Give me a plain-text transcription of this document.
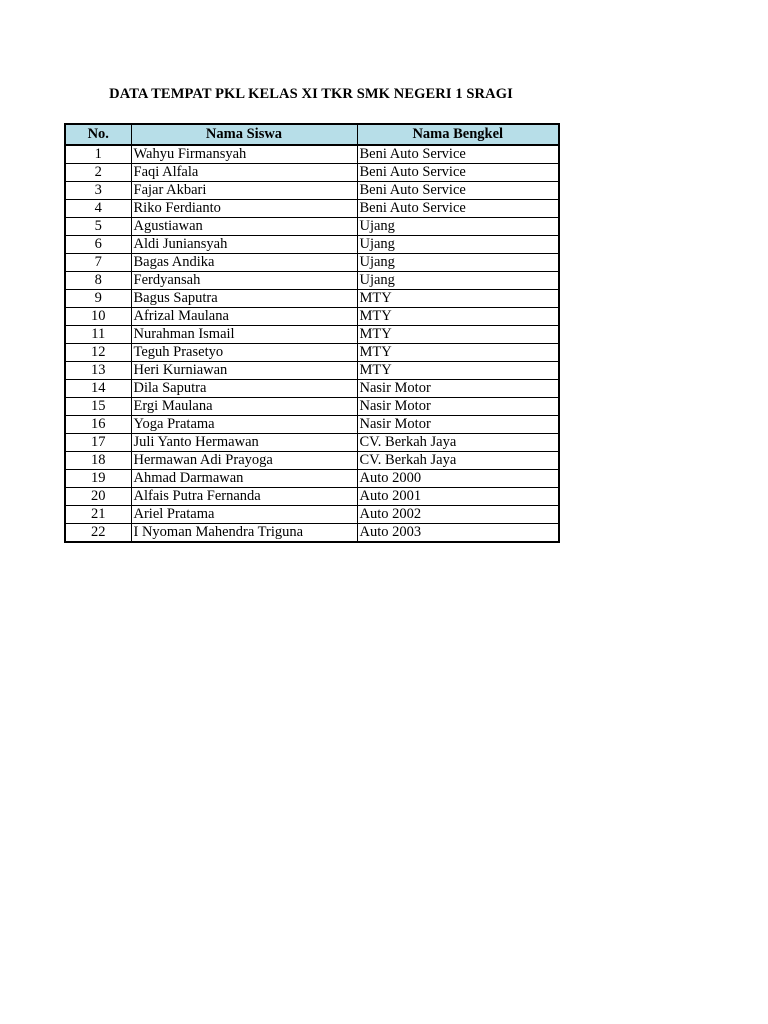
DATA TEMPAT PKL KELAS XI TKR SMK NEGERI 1 SRAGI
No.	Nama Siswa	Nama Bengkel
1	Wahyu Firmansyah	Beni Auto Service
2	Faqi Alfala	Beni Auto Service
3	Fajar Akbari	Beni Auto Service
4	Riko Ferdianto	Beni Auto Service
5	Agustiawan	Ujang
6	Aldi Juniansyah	Ujang
7	Bagas Andika	Ujang
8	Ferdyansah	Ujang
9	Bagus Saputra	MTY
10	Afrizal Maulana	MTY
11	Nurahman Ismail	MTY
12	Teguh Prasetyo	MTY
13	Heri Kurniawan	MTY
14	Dila Saputra	Nasir Motor
15	Ergi Maulana	Nasir Motor
16	Yoga Pratama	Nasir Motor
17	Juli Yanto Hermawan	CV. Berkah Jaya
18	Hermawan Adi Prayoga	CV. Berkah Jaya
19	Ahmad Darmawan	Auto 2000
20	Alfais Putra Fernanda	Auto 2001
21	Ariel Pratama	Auto 2002
22	I Nyoman Mahendra Triguna	Auto 2003
